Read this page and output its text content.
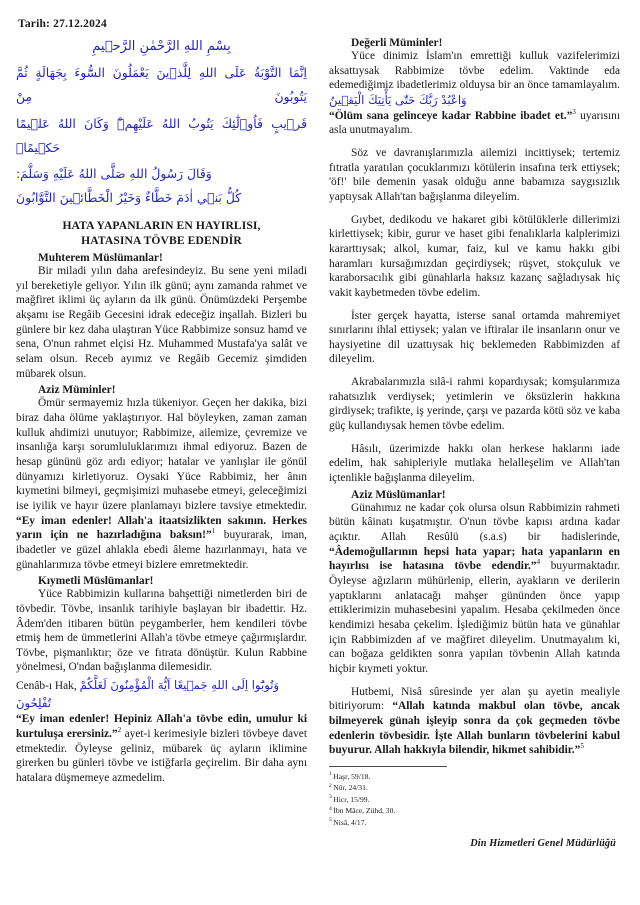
Tarih: 27.12.2024
بِسْمِ اللهِ الرَّحْمٰنِ الرَّح۪يمِ
اِنَّمَا التَّوْبَةُ عَلَى اللهِ لِلَّذ۪ينَ يَعْمَلُونَ السُّٓوءَ بِجَهَالَةٍ ثُمَّ يَتُوبُونَ مِنْ
قَر۪يبٍ فَاُو۬لٰٓئِكَ يَتُوبُ اللهُ عَلَيْهِمْۜ وَكَانَ اللهُ عَل۪يمًا حَك۪يمًاۜ
وَقَالَ رَسُولُ اللهِ صَلَّى اللهُ عَلَيْهِ وَسَلَّمَ:
كُلُّ بَن۪ي اٰدَمَ خَطَّاءٌ وَخَيْرُ الْخَطَّائ۪ينَ التَّوَّابُونَ
HATA YAPANLARIN EN HAYIRLISI,
HATASINA TÖVBE EDENDİR
Muhterem Müslümanlar!

Bir miladi yılın daha arefesindeyiz. Bu sene yeni miladi yıl bereketiyle geliyor. Yılın ilk günü; aynı zamanda rahmet ve mağfiret iklimi üç ayların da ilk günü. Önümüzdeki Perşembe akşamı ise Regâib Gecesini idrak edeceğiz inşallah. Bizleri bu günlere bir kez daha ulaştıran Yüce Rabbimize sonsuz hamd ve sena, O'nun rahmet elçisi Hz. Muhammed Mustafa'ya salât ve selam olsun. Receb ayımız ve Regâib Gecemiz şimdiden mübarek olsun.

Aziz Müminler!

Ömür sermayemiz hızla tükeniyor. Geçen her dakika, bizi biraz daha ölüme yaklaştırıyor. Hal böyleyken, zaman zaman kulluk ahdimizi unutuyor; Rabbimize, ailemize, çevremize ve insanlığa karşı sorumluluklarımızı ihmal ediyoruz. Bazen de hesap gününü göz ardı ediyor; hatalar ve yanlışlar ile gönül dünyamızı kirletiyoruz. Oysaki Yüce Rabbimiz, her ânın kıymetini bilmeyi, geçmişimizi muhasebe etmeyi, geleceğimizi ise iyilik ve hayır üzere planlamayı bizlere tavsiye etmektedir. “Ey iman edenler! Allah'a itaatsizlikten sakının. Herkes yarın için ne hazırladığına baksın!”$^1$ buyurarak, iman, ibadetler ve güzel ahlakla ebedi âleme hazırlanmayı, hata ve günahlarımıza tövbe etmeyi bizlere emretmektedir.

Kıymetli Müslümanlar!

Yüce Rabbimizin kullarına bahşettiği nimetlerden biri de tövbedir. Tövbe, insanlık tarihiyle başlayan bir ibadettir. Hz. Âdem'den itibaren bütün peygamberler, hem kendileri tövbe etmiş hem de ümmetlerini Allah'a tövbe etmeye çağırmışlardır. Tövbe, pişmanlıktır; öze ve fıtrata dönüştür. Kulun Rabbine yönelmesi, O'ndan bağışlanma dilemesidir.

Cenâb-ı Hak, وَتُوبُٓوا اِلَى اللهِ جَم۪يعًا اَيُّهَ الْمُؤْمِنُونَ لَعَلَّكُمْ تُفْلِحُونَ

“Ey iman edenler! Hepiniz Allah'a tövbe edin, umulur ki kurtuluşa erersiniz.”$^2$ ayet-i kerimesiyle bizleri tövbeye davet etmektedir. Öyleyse geliniz, mübarek üç ayların iklimine girerken bu günleri tövbe ve istiğfarla geçirelim. Bir daha aynı hatalara düşmemeye azmedelim.

Değerli Müminler!

Yüce dinimiz İslam'ın emrettiği kulluk vazifelerimizi aksattıysak Rabbimize tövbe edelim. Vaktinde eda edemediğimiz ibadetlerimiz olduysa bir an önce tamamlayalım. وَاعْبُدْ رَبَّكَ حَتّٰى يَأْتِيَكَ الْيَق۪ينُ

“Ölüm sana gelinceye kadar Rabbine ibadet et.”$^3$ uyarısını asla unutmayalım.

Söz ve davranışlarımızla ailemizi incittiysek; tertemiz fıtratla yaratılan çocuklarımızı kötülerin insafına terk ettiysek; 'öf!' bile demenin yasak olduğu anne babamıza saygısızlık yaptıysak Allah'tan bağışlanma dileyelim.

Gıybet, dedikodu ve hakaret gibi kötülüklerle dillerimizi kirlettiysek; kibir, gurur ve haset gibi fenalıklarla kalplerimizi kararttıysak; alkol, kumar, faiz, kul ve kamu hakkı gibi haramları kursağımızdan geçirdiysek; rüşvet, stokçuluk ve karaborsacılık gibi günahlarla haksız kazanç sağladıysak hiç vakit kaybetmeden tövbe edelim.

İster gerçek hayatta, isterse sanal ortamda mahremiyet sınırlarını ihlal ettiysek; yalan ve iftiralar ile insanların onur ve haysiyetine dil uzattıysak hiç beklemeden Rabbimizden af dileyelim.

Akrabalarımızla sılâ-i rahmi kopardıysak; komşularımıza rahatsızlık verdiysek; yetimlerin ve öksüzlerin hakkına girdiysek; trafikte, iş yerinde, çarşı ve pazarda kötü söz ve kaba güç kullandıysak hemen tövbe edelim.

Hâsılı, üzerimizde hakkı olan herkese haklarını iade edelim, hak sahipleriyle mutlaka helalleşelim ve Allah'tan içtenlikle bağışlanma dileyelim.

Aziz Müslümanlar!

Günahımız ne kadar çok olursa olsun Rabbimizin rahmeti bütün kâinatı kuşatmıştır. O'nun tövbe kapısı ardına kadar açıktır. Allah Resûlü (s.a.s) bir hadislerinde, “Âdemoğullarının hepsi hata yapar; hata yapanların en hayırlısı ise hatasına tövbe edendir.”$^4$ buyurmaktadır. Öyleyse ağızların mühürlenip, ellerin, ayakların ve derilerin yaptıklarını anlatacağı mahşer gününden önce yapıp ettiklerimizin muhasebesini yapalım. Hesaba çekilmeden önce kendimizi hesaba çekelim. İşlediğimiz bütün hata ve günahlar için Rabbimizden af ve mağfiret dileyelim. Unutmayalım ki, can boğaza geldikten sonra yapılan tövbenin Allah katında hiçbir kıymeti yoktur.

Hutbemi, Nisâ sûresinde yer alan şu ayetin mealiyle bitiriyorum: “Allah katında makbul olan tövbe, ancak bilmeyerek günah işleyip sonra da çok geçmeden tövbe edenlerin tövbesidir. İşte Allah bunların tövbelerini kabul buyurur. Allah hakkıyla bilendir, hikmet sahibidir.”$^5$

$^1$ Haşr, 59/18.

$^2$ Nûr, 24/31.

$^3$ Hicr, 15/99.

$^4$ İbn Mâce, Zühd, 30.

$^5$ Nisâ, 4/17.

Din Hizmetleri Genel Müdürlüğü
